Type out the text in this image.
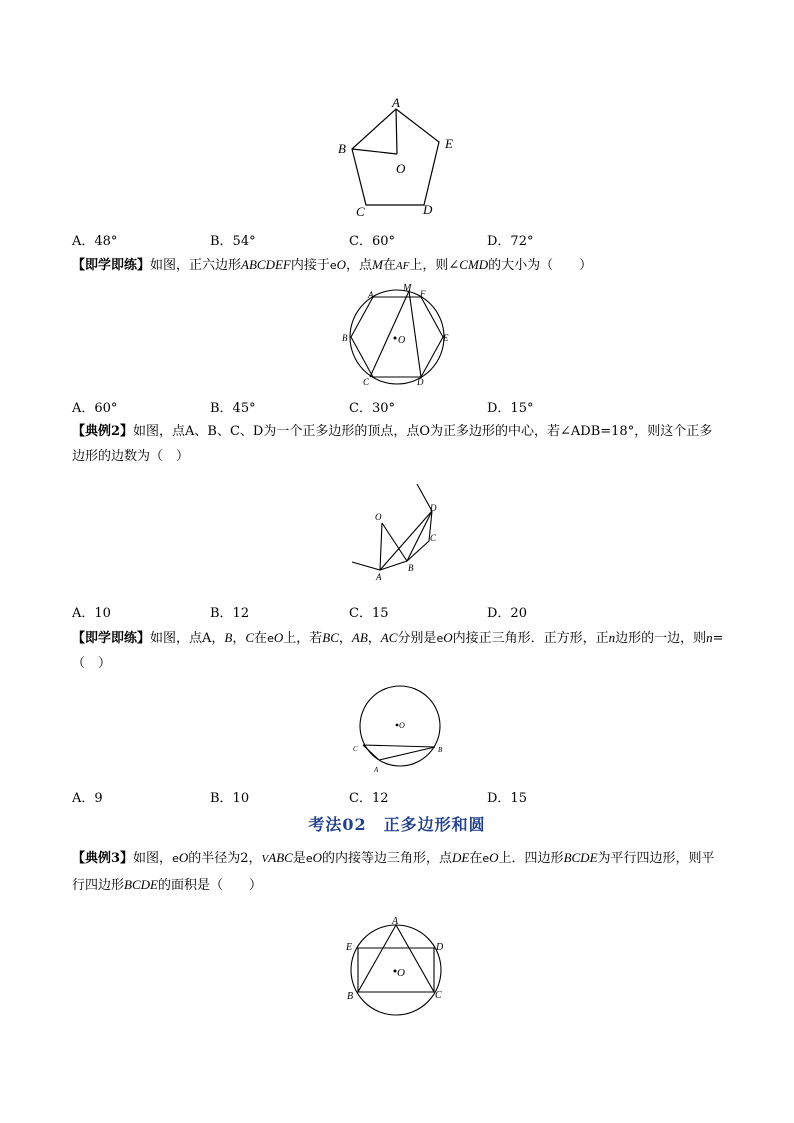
A
B
C	D
E
O
A．48°	B．54°	C．60°	D．72°
【即学即练】如图，正六边形ABCDEF内接于eO，点M在AF上，则∠CMD的大小为（　　）
A
M F
B	O	E
C	D
A．60°	B．45°	C．30°	D．15°
【典例2】如图，点A、B、C、D为一个正多边形的顶点，点O为正多边形的中心，若∠ADB=18°，则这个正多边形的边数为（　）
O
D
C
A
B
A．10	B．12	C．15	D．20
【即学即练】如图，点A，B，C在eO上，若BC，AB，AC分别是eO内接正三角形．正方形，正n边形的一边，则n=（　）
O
C	B
A
A．9	B．10	C．12	D．15
考法02　正多边形和圆
【典例3】如图，eO的半径为2，VABC是eO的内接等边三角形，点DE在eO上．四边形BCDE为平行四边形，则平行四边形BCDE的面积是（　　）
A
E	D
O
B	C
